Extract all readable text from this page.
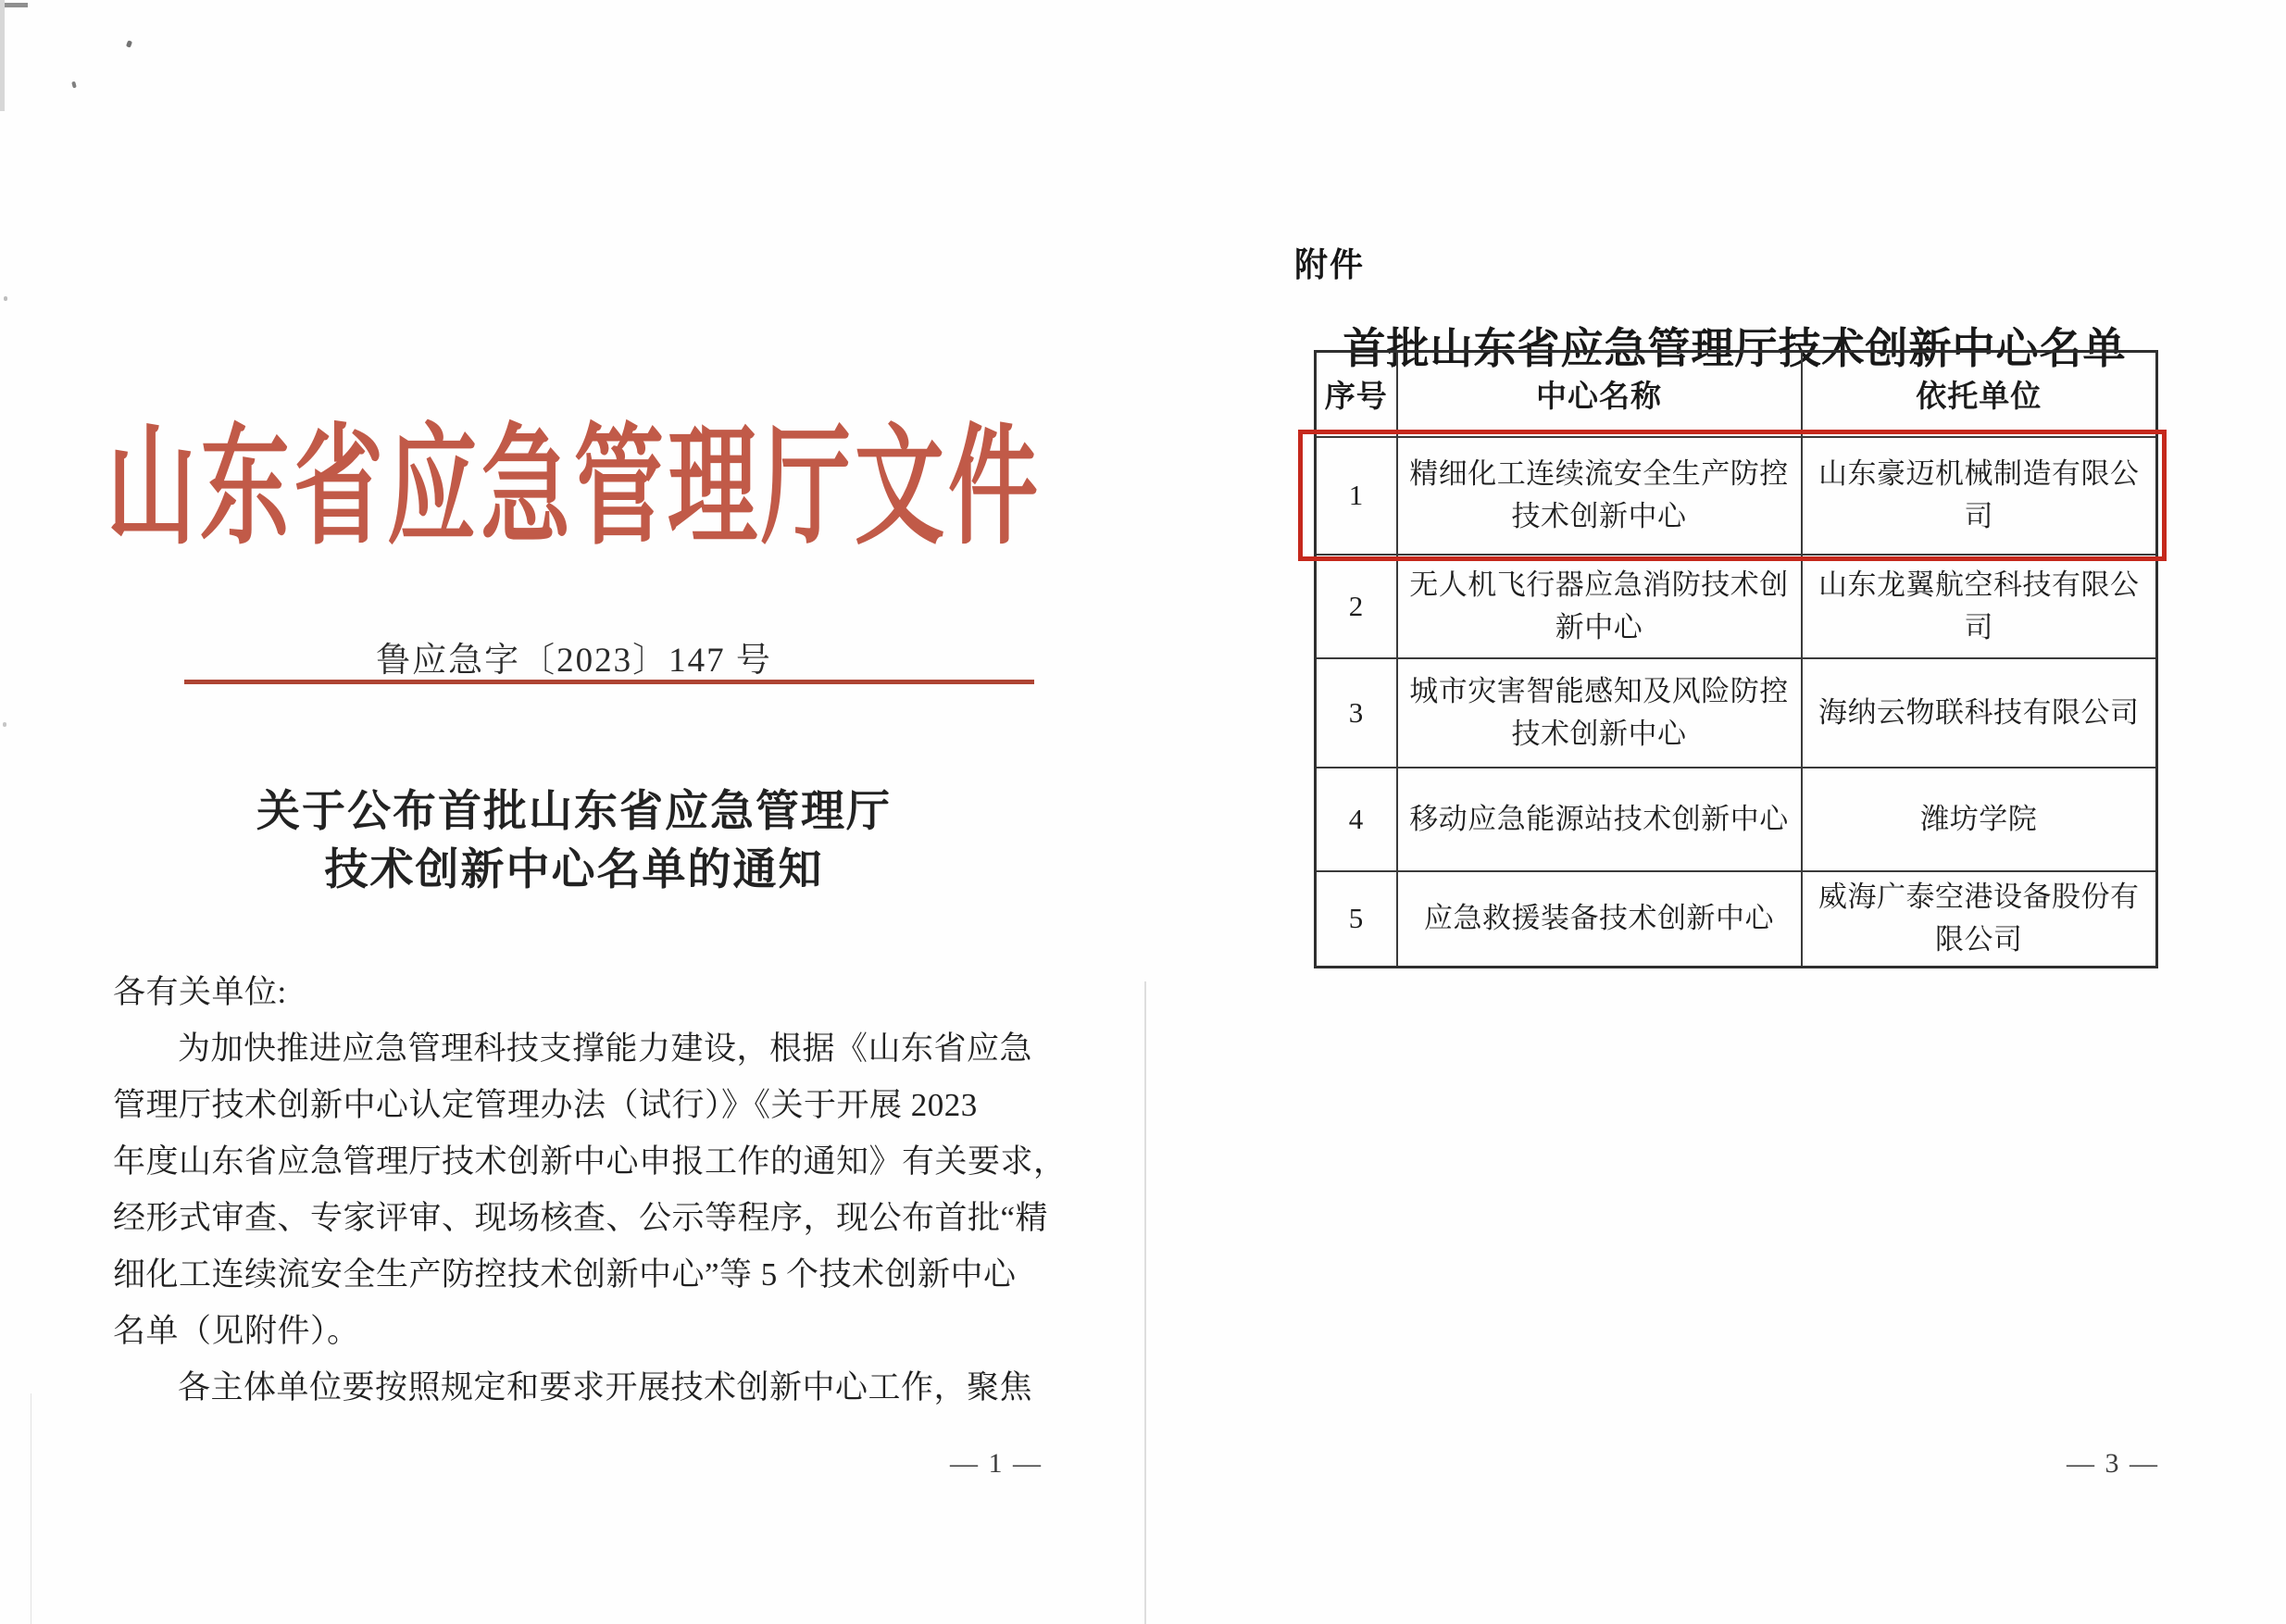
山东省应急管理厅文件
鲁应急字〔2023〕147 号
关于公布首批山东省应急管理厅
技术创新中心名单的通知
各有关单位:
为加快推进应急管理科技支撑能力建设，根据《山东省应急
管理厅技术创新中心认定管理办法（试行）》《关于开展 2023
年度山东省应急管理厅技术创新中心申报工作的通知》有关要求，
经形式审查、专家评审、现场核查、公示等程序，现公布首批“精
细化工连续流安全生产防控技术创新中心”等 5 个技术创新中心
名单（见附件）。
各主体单位要按照规定和要求开展技术创新中心工作，聚焦
— 1 —
附件
首批山东省应急管理厅技术创新中心名单
序号	中心名称	依托单位
1	精细化工连续流安全生产防控技术创新中心	山东豪迈机械制造有限公司
2	无人机飞行器应急消防技术创新中心	山东龙翼航空科技有限公司
3	城市灾害智能感知及风险防控技术创新中心	海纳云物联科技有限公司
4	移动应急能源站技术创新中心	潍坊学院
5	应急救援装备技术创新中心	威海广泰空港设备股份有限公司
— 3 —
